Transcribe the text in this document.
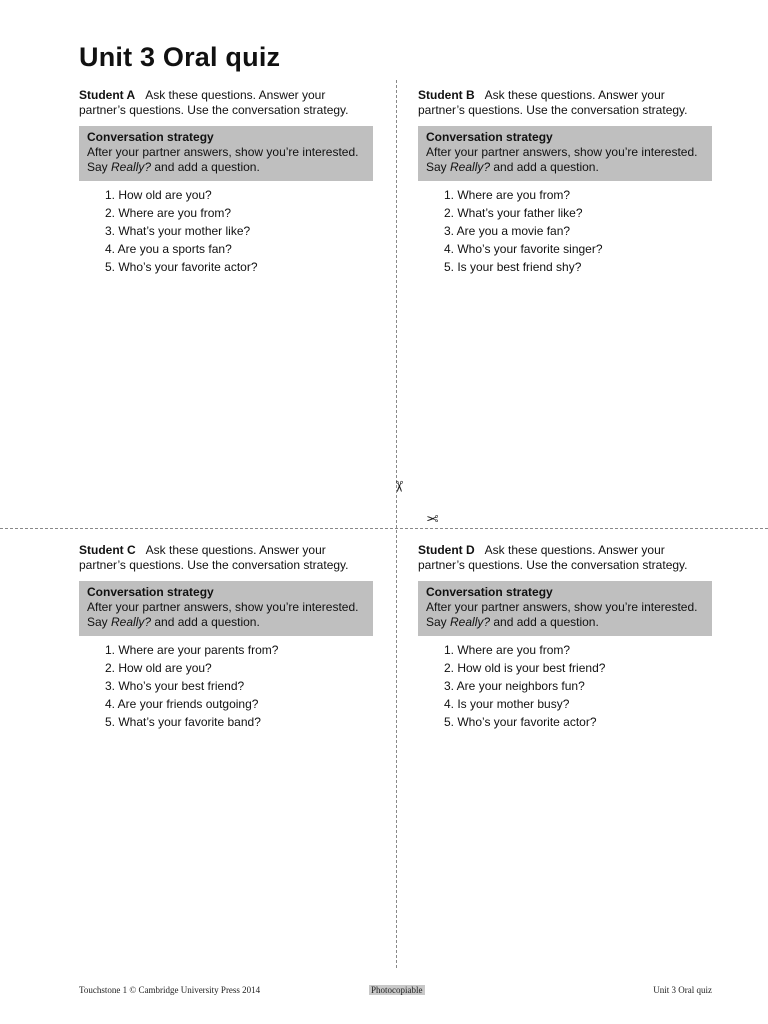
Unit 3 Oral quiz
✂
✂

Student A Ask these questions. Answer your partner’s questions. Use the conversation strategy.

Conversation strategy
After your partner answers, show you’re interested.
Say Really? and add a question.
1. How old are you?
2. Where are you from?
3. What’s your mother like?
4. Are you a sports fan?
5. Who’s your favorite actor?

Student B Ask these questions. Answer your partner’s questions. Use the conversation strategy.

Conversation strategy
After your partner answers, show you’re interested.
Say Really? and add a question.
1. Where are you from?
2. What’s your father like?
3. Are you a movie fan?
4. Who’s your favorite singer?
5. Is your best friend shy?

Student C Ask these questions. Answer your partner’s questions. Use the conversation strategy.

Conversation strategy
After your partner answers, show you’re interested.
Say Really? and add a question.
1. Where are your parents from?
2. How old are you?
3. Who’s your best friend?
4. Are your friends outgoing?
5. What’s your favorite band?

Student D Ask these questions. Answer your partner’s questions. Use the conversation strategy.

Conversation strategy
After your partner answers, show you’re interested.
Say Really? and add a question.
1. Where are you from?
2. How old is your best friend?
3. Are your neighbors fun?
4. Is your mother busy?
5. Who’s your favorite actor?
Touchstone 1 © Cambridge University Press 2014	Photocopiable	Unit 3 Oral quiz
